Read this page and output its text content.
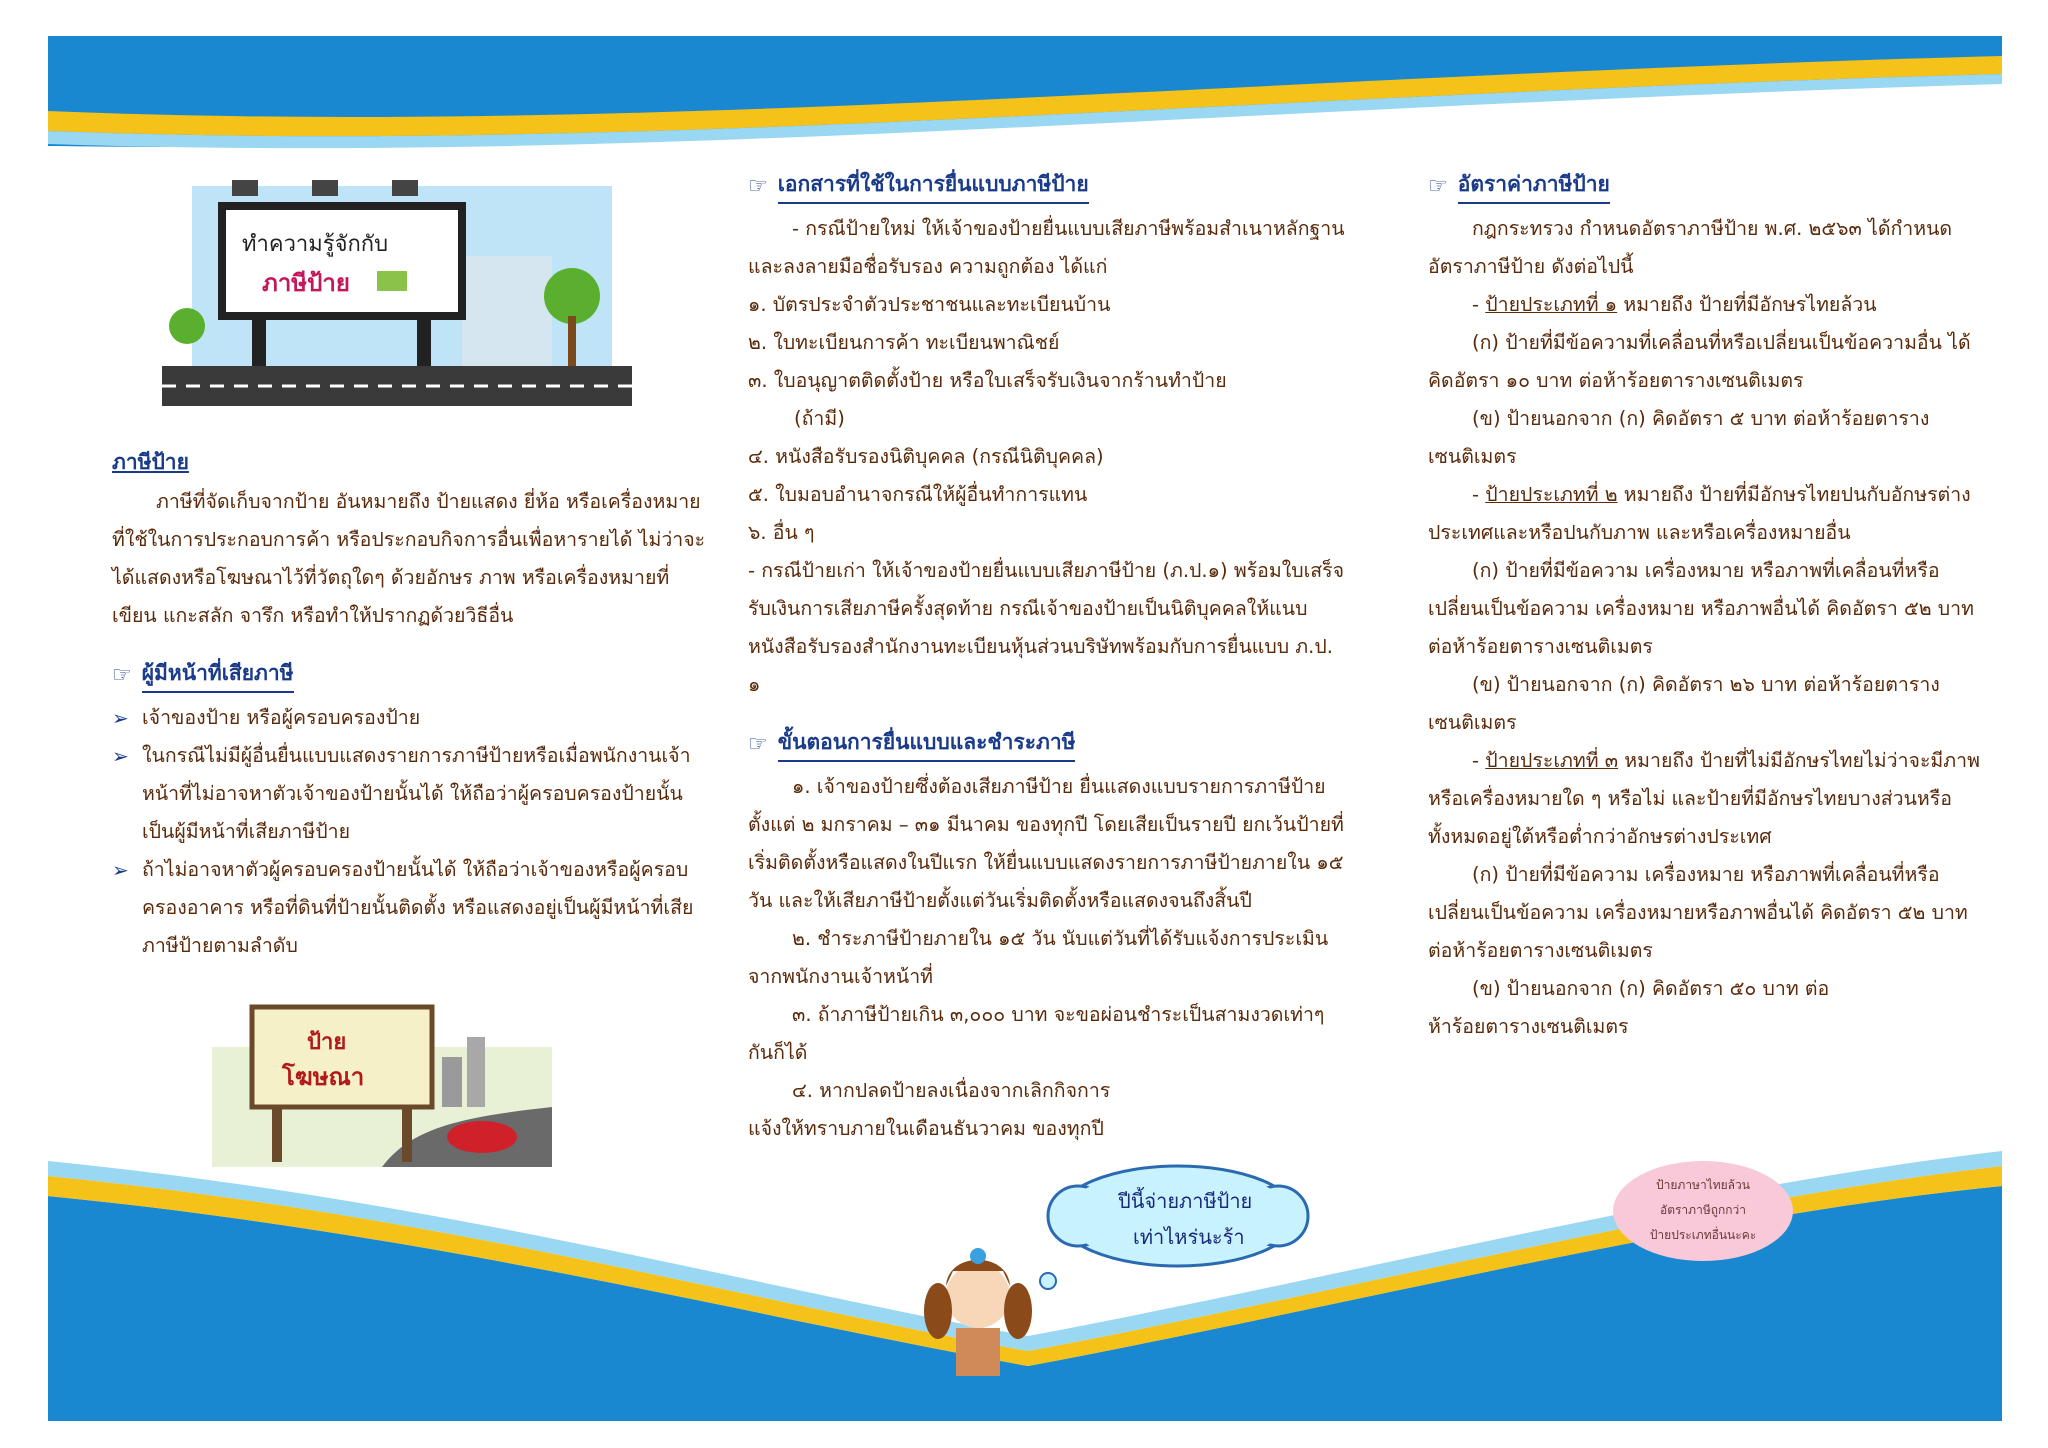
ทำความรู้จักกับ
ภาษีป้าย
ภาษีป้าย

ภาษีที่จัดเก็บจากป้าย อันหมายถึง ป้ายแสดง ยี่ห้อ หรือเครื่องหมาย ที่ใช้ในการประกอบการค้า หรือประกอบกิจการอื่นเพื่อหารายได้ ไม่ว่าจะได้แสดงหรือโฆษณาไว้ที่วัตถุใดๆ ด้วยอักษร ภาพ หรือเครื่องหมายที่เขียน แกะสลัก จารึก หรือทำให้ปรากฏด้วยวิธีอื่น

☞ ผู้มีหน้าที่เสียภาษี
➢ เจ้าของป้าย หรือผู้ครอบครองป้าย
➢ ในกรณีไม่มีผู้อื่นยื่นแบบแสดงรายการภาษีป้ายหรือเมื่อพนักงานเจ้าหน้าที่ไม่อาจหาตัวเจ้าของป้ายนั้นได้ ให้ถือว่าผู้ครอบครองป้ายนั้น เป็นผู้มีหน้าที่เสียภาษีป้าย
➢ ถ้าไม่อาจหาตัวผู้ครอบครองป้ายนั้นได้ ให้ถือว่าเจ้าของหรือผู้ครอบครองอาคาร หรือที่ดินที่ป้ายนั้นติดตั้ง หรือแสดงอยู่เป็นผู้มีหน้าที่เสียภาษีป้ายตามลำดับ
ป้าย
โฆษณา
☞ เอกสารที่ใช้ในการยื่นแบบภาษีป้าย

- กรณีป้ายใหม่ ให้เจ้าของป้ายยื่นแบบเสียภาษีพร้อมสำเนาหลักฐานและลงลายมือชื่อรับรอง ความถูกต้อง ได้แก่

๑. บัตรประจำตัวประชาชนและทะเบียนบ้าน

๒. ใบทะเบียนการค้า ทะเบียนพาณิชย์

๓. ใบอนุญาตติดตั้งป้าย หรือใบเสร็จรับเงินจากร้านทำป้าย

(ถ้ามี)

๔. หนังสือรับรองนิติบุคคล (กรณีนิติบุคคล)

๕. ใบมอบอำนาจกรณีให้ผู้อื่นทำการแทน

๖. อื่น ๆ

- กรณีป้ายเก่า ให้เจ้าของป้ายยื่นแบบเสียภาษีป้าย (ภ.ป.๑) พร้อมใบเสร็จรับเงินการเสียภาษีครั้งสุดท้าย กรณีเจ้าของป้ายเป็นนิติบุคคลให้แนบหนังสือรับรองสำนักงานทะเบียนหุ้นส่วนบริษัทพร้อมกับการยื่นแบบ ภ.ป. ๑

☞ ขั้นตอนการยื่นแบบและชำระภาษี

๑. เจ้าของป้ายซึ่งต้องเสียภาษีป้าย ยื่นแสดงแบบรายการภาษีป้ายตั้งแต่ ๒ มกราคม – ๓๑ มีนาคม ของทุกปี โดยเสียเป็นรายปี ยกเว้นป้ายที่เริ่มติดตั้งหรือแสดงในปีแรก ให้ยื่นแบบแสดงรายการภาษีป้ายภายใน ๑๕ วัน และให้เสียภาษีป้ายตั้งแต่วันเริ่มติดตั้งหรือแสดงจนถึงสิ้นปี

๒. ชำระภาษีป้ายภายใน ๑๕ วัน นับแต่วันที่ได้รับแจ้งการประเมินจากพนักงานเจ้าหน้าที่

๓. ถ้าภาษีป้ายเกิน ๓,๐๐๐ บาท จะขอผ่อนชำระเป็นสามงวดเท่าๆ กันก็ได้

๔. หากปลดป้ายลงเนื่องจากเลิกกิจการ แจ้งให้ทราบภายในเดือนธันวาคม ของทุกปี

ปีนี้จ่ายภาษีป้าย
เท่าไหร่นะร้า
☞ อัตราค่าภาษีป้าย

กฎกระทรวง กำหนดอัตราภาษีป้าย พ.ศ. ๒๕๖๓ ได้กำหนดอัตราภาษีป้าย ดังต่อไปนี้

- ป้ายประเภทที่ ๑ หมายถึง ป้ายที่มีอักษรไทยล้วน

(ก) ป้ายที่มีข้อความที่เคลื่อนที่หรือเปลี่ยนเป็นข้อความอื่น ได้คิดอัตรา ๑๐ บาท ต่อห้าร้อยตารางเซนติเมตร

(ข) ป้ายนอกจาก (ก) คิดอัตรา ๕ บาท ต่อห้าร้อยตารางเซนติเมตร

- ป้ายประเภทที่ ๒ หมายถึง ป้ายที่มีอักษรไทยปนกับอักษรต่างประเทศและหรือปนกับภาพ และหรือเครื่องหมายอื่น

(ก) ป้ายที่มีข้อความ เครื่องหมาย หรือภาพที่เคลื่อนที่หรือเปลี่ยนเป็นข้อความ เครื่องหมาย หรือภาพอื่นได้ คิดอัตรา ๕๒ บาท ต่อห้าร้อยตารางเซนติเมตร

(ข) ป้ายนอกจาก (ก) คิดอัตรา ๒๖ บาท ต่อห้าร้อยตารางเซนติเมตร

- ป้ายประเภทที่ ๓ หมายถึง ป้ายที่ไม่มีอักษรไทยไม่ว่าจะมีภาพหรือเครื่องหมายใด ๆ หรือไม่ และป้ายที่มีอักษรไทยบางส่วนหรือทั้งหมดอยู่ใต้หรือต่ำกว่าอักษรต่างประเทศ

(ก) ป้ายที่มีข้อความ เครื่องหมาย หรือภาพที่เคลื่อนที่หรือเปลี่ยนเป็นข้อความ เครื่องหมายหรือภาพอื่นได้ คิดอัตรา ๕๒ บาท ต่อห้าร้อยตารางเซนติเมตร

(ข) ป้ายนอกจาก (ก) คิดอัตรา ๕๐ บาท ต่อห้าร้อยตารางเซนติเมตร

ป้ายภาษาไทยล้วน
อัตราภาษีถูกกว่า
ป้ายประเภทอื่นนะคะ
